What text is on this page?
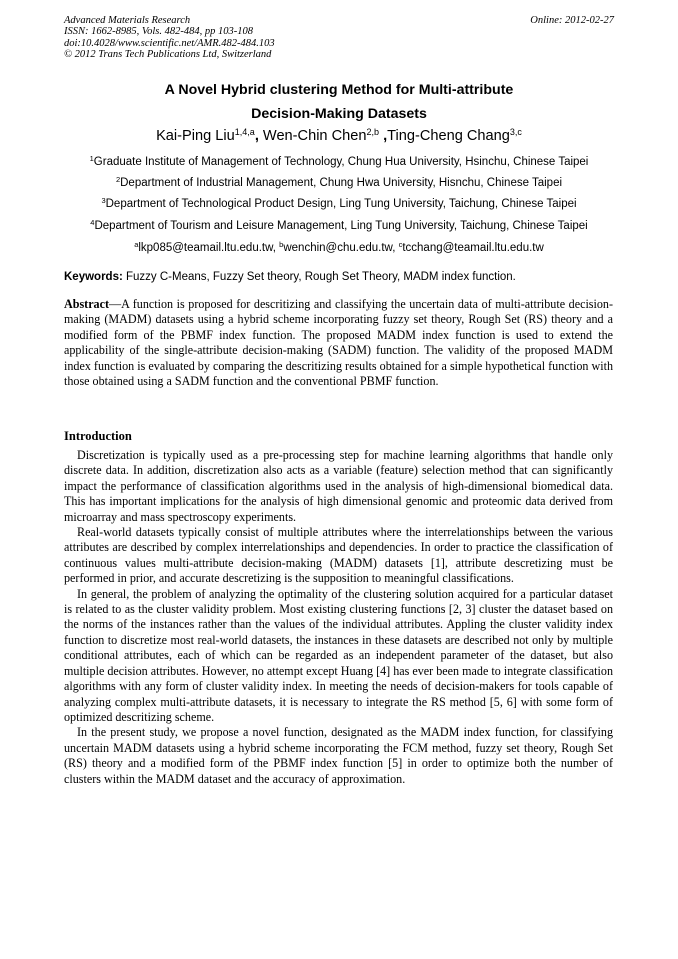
Advanced Materials Research
ISSN: 1662-8985, Vols. 482-484, pp 103-108
doi:10.4028/www.scientific.net/AMR.482-484.103
© 2012 Trans Tech Publications Ltd, Switzerland
Online: 2012-02-27
A Novel Hybrid clustering Method for Multi-attribute
Decision-Making Datasets
Kai-Ping Liu$^{1,4,a}$, Wen-Chin Chen$^{2,b}$ ,Ting-Cheng Chang$^{3,c}$
$^1$Graduate Institute of Management of Technology, Chung Hua University, Hsinchu, Chinese Taipei
$^2$Department of Industrial Management, Chung Hwa University, Hisnchu, Chinese Taipei
$^3$Department of Technological Product Design, Ling Tung University, Taichung, Chinese Taipei
$^4$Department of Tourism and Leisure Management, Ling Tung University, Taichung, Chinese Taipei
$^a$lkp085@teamail.ltu.edu.tw, $^b$wenchin@chu.edu.tw, $^c$tcchang@teamail.ltu.edu.tw
Keywords: Fuzzy C-Means, Fuzzy Set theory, Rough Set Theory, MADM index function.

Abstract—A function is proposed for descritizing and classifying the uncertain data of multi-attribute decision-making (MADM) datasets using a hybrid scheme incorporating fuzzy set theory, Rough Set (RS) theory and a modified form of the PBMF index function. The proposed MADM index function is used to extend the applicability of the single-attribute decision-making (SADM) function. The validity of the proposed MADM index function is evaluated by comparing the descritizing results obtained for a simple hypothetical function with those obtained using a SADM function and the conventional PBMF function.

Introduction

Discretization is typically used as a pre-processing step for machine learning algorithms that handle only discrete data. In addition, discretization also acts as a variable (feature) selection method that can significantly impact the performance of classification algorithms used in the analysis of high-dimensional biomedical data. This has important implications for the analysis of high dimensional genomic and proteomic data derived from microarray and mass spectroscopy experiments.

Real-world datasets typically consist of multiple attributes where the interrelationships between the various attributes are described by complex interrelationships and dependencies. In order to practice the classification of continuous values multi-attribute decision-making (MADM) datasets [1], attribute descretizing must be performed in prior, and accurate descretizing is the supposition to meaningful classifications.

In general, the problem of analyzing the optimality of the clustering solution acquired for a particular dataset is related to as the cluster validity problem. Most existing clustering functions [2, 3] cluster the dataset based on the norms of the instances rather than the values of the individual attributes. Appling the cluster validity index function to discretize most real-world datasets, the instances in these datasets are described not only by multiple conditional attributes, each of which can be regarded as an independent parameter of the dataset, but also multiple decision attributes. However, no attempt except Huang [4] has ever been made to integrate classification algorithms with any form of cluster validity index. In meeting the needs of decision-makers for tools capable of analyzing complex multi-attribute datasets, it is necessary to integrate the RS method [5, 6] with some form of optimized descritizing scheme.

In the present study, we propose a novel function, designated as the MADM index function, for classifying uncertain MADM datasets using a hybrid scheme incorporating the FCM method, fuzzy set theory, Rough Set (RS) theory and a modified form of the PBMF index function [5] in order to optimize both the number of clusters within the MADM dataset and the accuracy of approximation.
